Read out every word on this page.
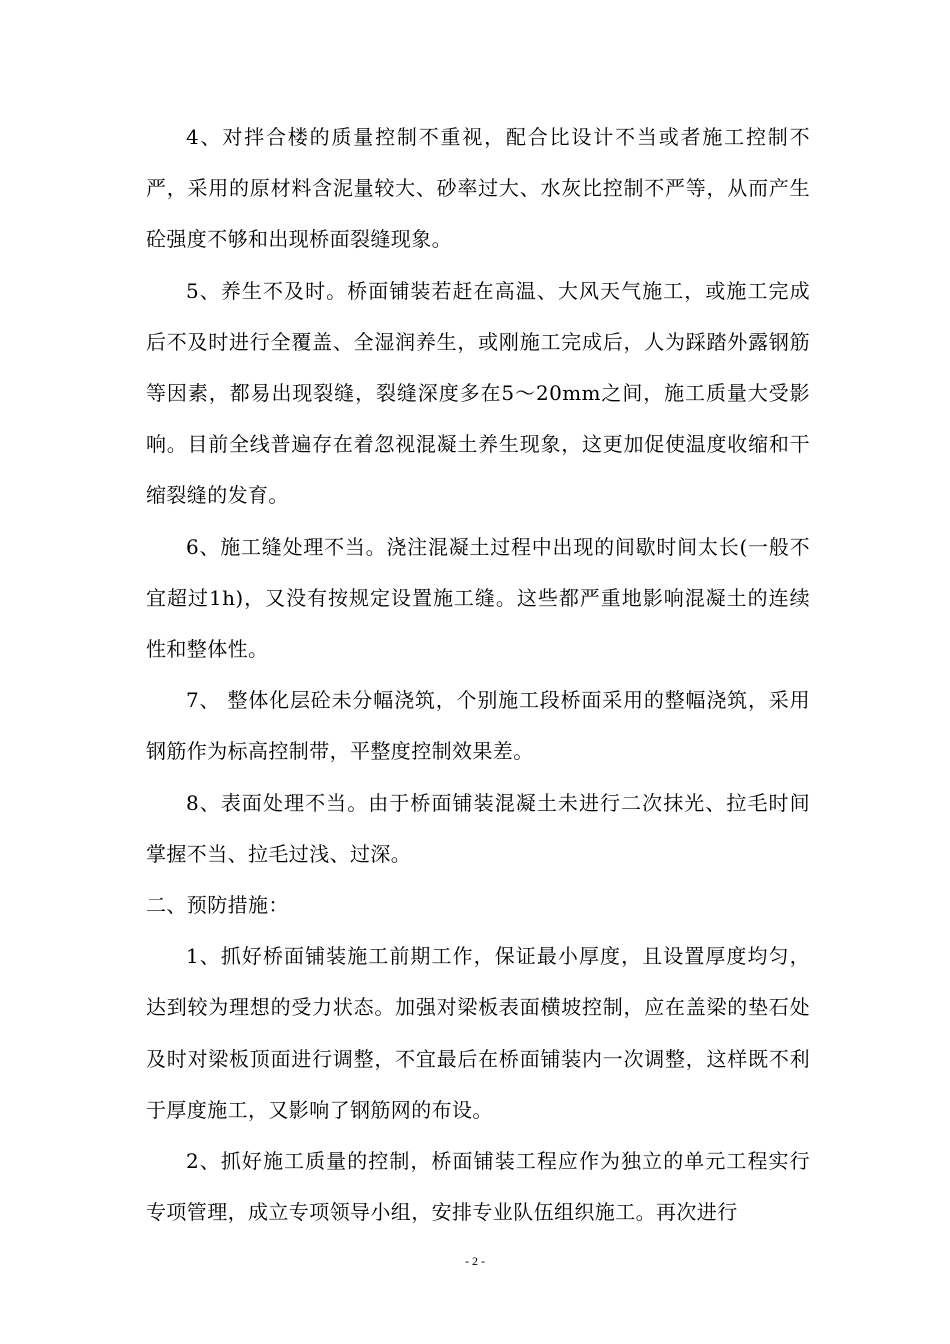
4、对拌合楼的质量控制不重视，配合比设计不当或者施工控制不严，采用的原材料含泥量较大、砂率过大、水灰比控制不严等，从而产生砼强度不够和出现桥面裂缝现象。

5、养生不及时。桥面铺装若赶在高温、大风天气施工，或施工完成后不及时进行全覆盖、全湿润养生，或刚施工完成后，人为踩踏外露钢筋等因素，都易出现裂缝，裂缝深度多在5～20mm之间，施工质量大受影响。目前全线普遍存在着忽视混凝土养生现象，这更加促使温度收缩和干缩裂缝的发育。

6、施工缝处理不当。浇注混凝土过程中出现的间歇时间太长(一般不宜超过1h)，又没有按规定设置施工缝。这些都严重地影响混凝土的连续性和整体性。

7、 整体化层砼未分幅浇筑，个别施工段桥面采用的整幅浇筑，采用钢筋作为标高控制带，平整度控制效果差。

8、表面处理不当。由于桥面铺装混凝土未进行二次抹光、拉毛时间掌握不当、拉毛过浅、过深。

二、预防措施：

1、抓好桥面铺装施工前期工作，保证最小厚度，且设置厚度均匀，达到较为理想的受力状态。加强对梁板表面横坡控制，应在盖梁的垫石处及时对梁板顶面进行调整，不宜最后在桥面铺装内一次调整，这样既不利于厚度施工，又影响了钢筋网的布设。

2、抓好施工质量的控制，桥面铺装工程应作为独立的单元工程实行专项管理，成立专项领导小组，安排专业队伍组织施工。再次进行

- 2 -
